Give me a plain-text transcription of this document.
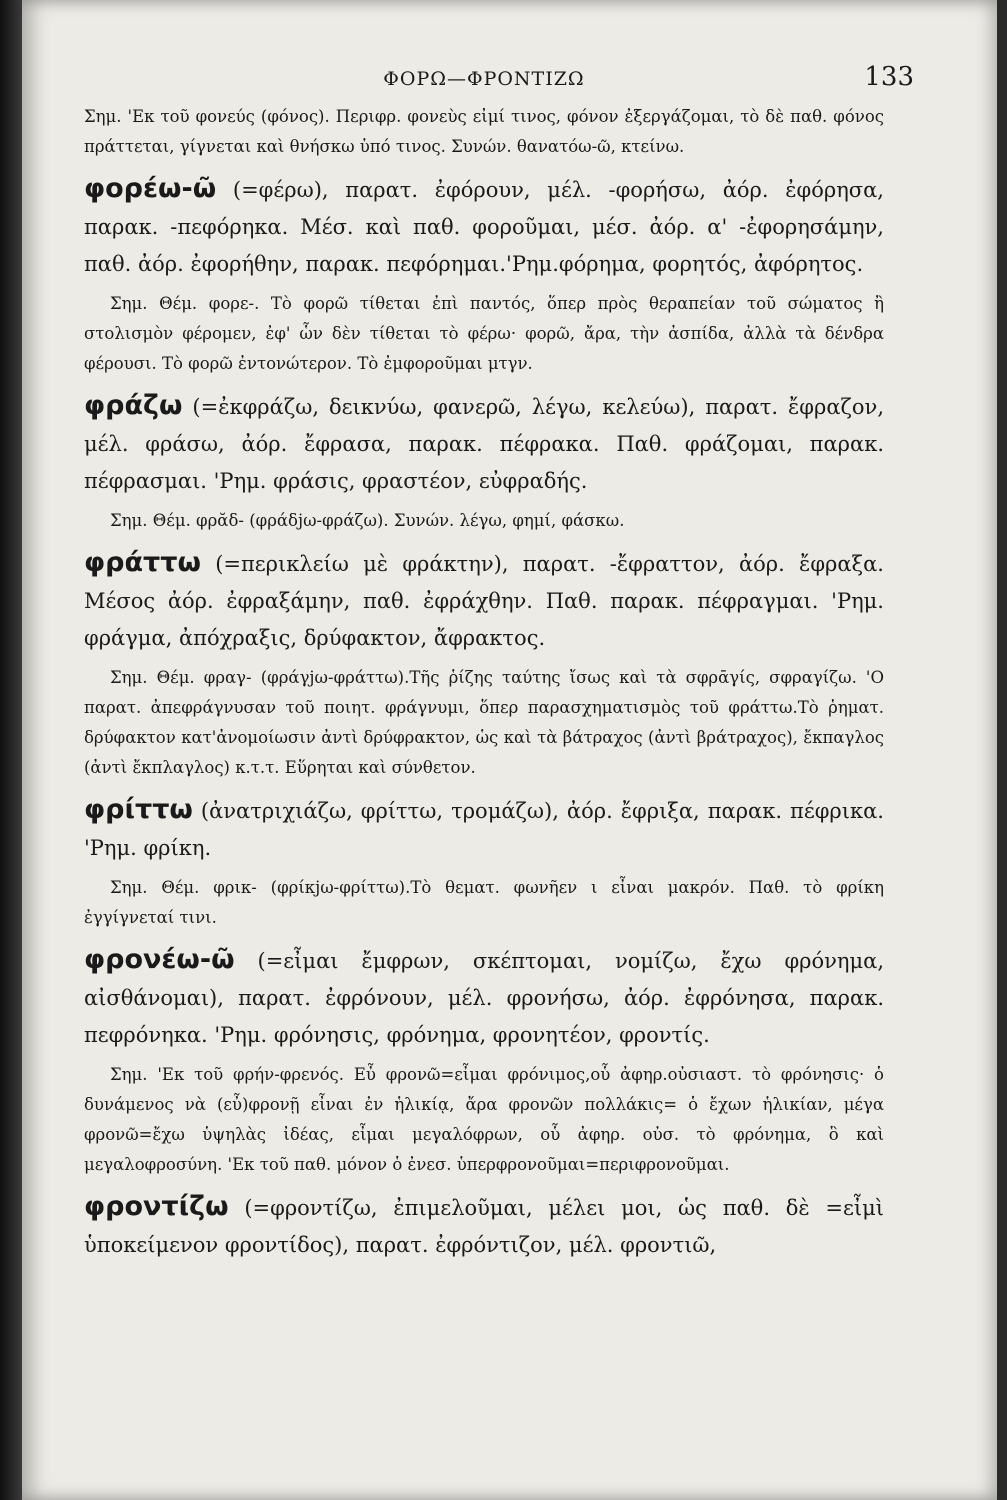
ΦΟΡΩ—ΦΡΟΝΤΙΖΩ	133

Σημ. 'Εκ τοῦ φονεύς (φόνος). Περιφρ. φονεὺς εἰμί τινος, φόνον ἐξεργάζομαι, τὸ δὲ παθ. φόνος πράττεται, γίγνεται καὶ θνήσκω ὑπό τινος. Συνών. θανατόω-ῶ, κτείνω.

φορέω-ῶ (=φέρω), παρατ. ἐφόρουν, μέλ. -φορήσω, ἀόρ. ἐφόρησα, παρακ. -πεφόρηκα. Μέσ. καὶ παθ. φοροῦμαι, μέσ. ἀόρ. α' -ἐφορησάμην, παθ. ἀόρ. ἐφορήθην, παρακ. πεφόρημαι.'Ρημ.φόρημα, φορητός, ἀφόρητος.

Σημ. Θέμ. φορε-. Τὸ φορῶ τίθεται ἐπὶ παντός, ὅπερ πρὸς θεραπείαν τοῦ σώματος ἢ στολισμὸν φέρομεν, ἐφ' ὧν δὲν τίθεται τὸ φέρω· φορῶ, ἄρα, τὴν ἀσπίδα, ἀλλὰ τὰ δένδρα φέρουσι. Τὸ φορῶ ἐντονώτερον. Τὸ ἐμφοροῦμαι μτγν.

φράζω (=ἐκφράζω, δεικνύω, φανερῶ, λέγω, κελεύω), παρατ. ἔφραζον, μέλ. φράσω, ἀόρ. ἔφρασα, παρακ. πέφρακα. Παθ. φράζομαι, παρακ. πέφρασμαι. 'Ρημ. φράσις, φραστέον, εὐφραδής.

Σημ. Θέμ. φρᾰδ- (φράδjω-φράζω). Συνών. λέγω, φημί, φάσκω.

φράττω (=περικλείω μὲ φράκτην), παρατ. -ἔφραττον, ἀόρ. ἔφραξα. Μέσος ἀόρ. ἐφραξάμην, παθ. ἐφράχθην. Παθ. παρακ. πέφραγμαι. 'Ρημ. φράγμα, ἀπόχραξις, δρύφακτον, ἄφρακτος.

Σημ. Θέμ. φραγ- (φράγjω-φράττω).Τῆς ῥίζης ταύτης ἴσως καὶ τὰ σφρᾱγίς, σφραγίζω. 'Ο παρατ. ἀπεφράγνυσαν τοῦ ποιητ. φράγνυμι, ὅπερ παρασχηματισμὸς τοῦ φράττω.Τὸ ῥηματ. δρύφακτον κατ'ἀνομοίωσιν ἀντὶ δρύφρακτον, ὡς καὶ τὰ βάτραχος (ἀντὶ βράτραχος), ἔκπαγλος (ἀντὶ ἔκπλαγλος) κ.τ.τ. Εὕρηται καὶ σύνθετον.

φρίττω (ἀνατριχιάζω, φρίττω, τρομάζω), ἀόρ. ἔφριξα, παρακ. πέφρικα. 'Ρημ. φρίκη.

Σημ. Θέμ. φρικ- (φρίκjω-φρίττω).Τὸ θεματ. φωνῆεν ι εἶναι μακρόν. Παθ. τὸ φρίκη ἐγγίγνεταί τινι.

φρονέω-ῶ (=εἶμαι ἔμφρων, σκέπτομαι, νομίζω, ἔχω φρόνημα, αἰσθάνομαι), παρατ. ἐφρόνουν, μέλ. φρονήσω, ἀόρ. ἐφρόνησα, παρακ. πεφρόνηκα. 'Ρημ. φρόνησις, φρόνημα, φρονητέον, φροντίς.

Σημ. 'Εκ τοῦ φρήν-φρενός. Εὖ φρονῶ=εἶμαι φρόνιμος,οὗ ἀφηρ.οὐσιαστ. τὸ φρόνησις· ὁ δυνάμενος νὰ (εὖ)φρονῇ εἶναι ἐν ἡλικίᾳ, ἄρα φρονῶν πολλάκις= ὁ ἔχων ἡλικίαν, μέγα φρονῶ=ἔχω ὑψηλὰς ἰδέας, εἶμαι μεγαλόφρων, οὗ ἀφηρ. οὐσ. τὸ φρόνημα, ὃ καὶ μεγαλοφροσύνη. 'Εκ τοῦ παθ. μόνον ὁ ἐνεσ. ὑπερφρονοῦμαι=περιφρονοῦμαι.

φροντίζω (=φροντίζω, ἐπιμελοῦμαι, μέλει μοι, ὡς παθ. δὲ =εἶμὶ ὑποκείμενον φροντίδος), παρατ. ἐφρόντιζον, μέλ. φροντιῶ,
